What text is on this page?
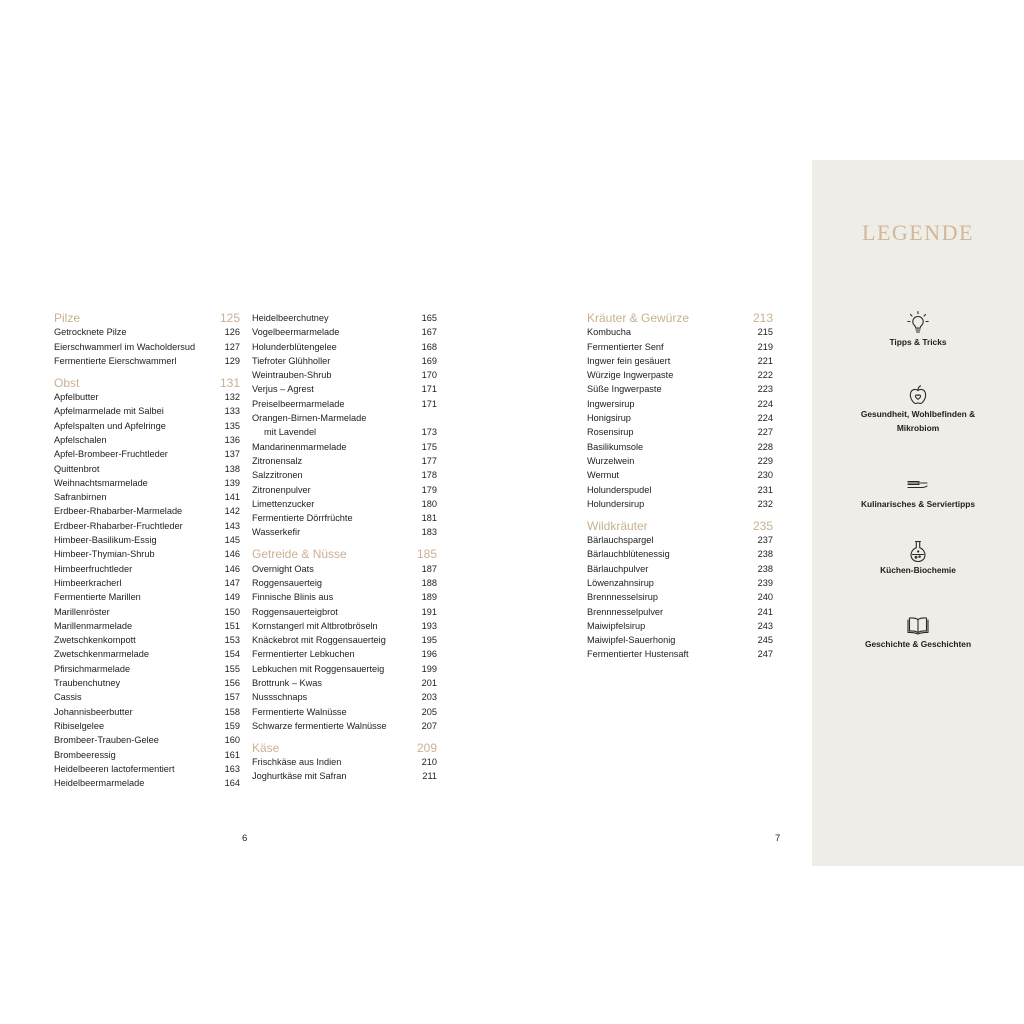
Pilze	125
Getrocknete Pilze	126
Eierschwammerl im Wacholdersud	127
Fermentierte Eierschwammerl	129
Obst	131
Apfelbutter	132
Apfelmarmelade mit Salbei	133
Apfelspalten und Apfelringe	135
Apfelschalen	136
Apfel-Brombeer-Fruchtleder	137
Quittenbrot	138
Weihnachtsmarmelade	139
Safranbirnen	141
Erdbeer-Rhabarber-Marmelade	142
Erdbeer-Rhabarber-Fruchtleder	143
Himbeer-Basilikum-Essig	145
Himbeer-Thymian-Shrub	146
Himbeerfruchtleder	146
Himbeerkracherl	147
Fermentierte Marillen	149
Marillenröster	150
Marillenmarmelade	151
Zwetschkenkompott	153
Zwetschkenmarmelade	154
Pfirsichmarmelade	155
Traubenchutney	156
Cassis	157
Johannisbeerbutter	158
Ribiselgelee	159
Brombeer-Trauben-Gelee	160
Brombeeressig	161
Heidelbeeren lactofermentiert	163
Heidelbeermarmelade	164
Heidelbeerchutney	165
Vogelbeermarmelade	167
Holunderblütengelee	168
Tiefroter Glühholler	169
Weintrauben-Shrub	170
Verjus – Agrest	171
Preiselbeermarmelade	171
Orangen-Birnen-Marmelade
mit Lavendel	173
Mandarinenmarmelade	175
Zitronensalz	177
Salzzitronen	178
Zitronenpulver	179
Limettenzucker	180
Fermentierte Dörrfrüchte	181
Wasserkefir	183
Getreide & Nüsse	185
Overnight Oats	187
Roggensauerteig	188
Finnische Blinis aus	189
Roggensauerteigbrot	191
Kornstangerl mit Altbrotbröseln	193
Knäckebrot mit Roggensauerteig	195
Fermentierter Lebkuchen	196
Lebkuchen mit Roggensauerteig	199
Brottrunk – Kwas	201
Nussschnaps	203
Fermentierte Walnüsse	205
Schwarze fermentierte Walnüsse	207
Käse	209
Frischkäse aus Indien	210
Joghurtkäse mit Safran	211
Kräuter & Gewürze	213
Kombucha	215
Fermentierter Senf	219
Ingwer fein gesäuert	221
Würzige Ingwerpaste	222
Süße Ingwerpaste	223
Ingwersirup	224
Honigsirup	224
Rosensirup	227
Basilikumsole	228
Wurzelwein	229
Wermut	230
Holunderspudel	231
Holundersirup	232
Wildkräuter	235
Bärlauchspargel	237
Bärlauchblütenessig	238
Bärlauchpulver	238
Löwenzahnsirup	239
Brennnesselsirup	240
Brennnesselpulver	241
Maiwipfelsirup	243
Maiwipfel-Sauerhonig	245
Fermentierter Hustensaft	247
6	7
LEGENDE
Tipps & Tricks
Gesundheit, Wohlbefinden &
Mikrobiom
Kulinarisches & Serviertipps
Küchen-Biochemie
Geschichte & Geschichten
